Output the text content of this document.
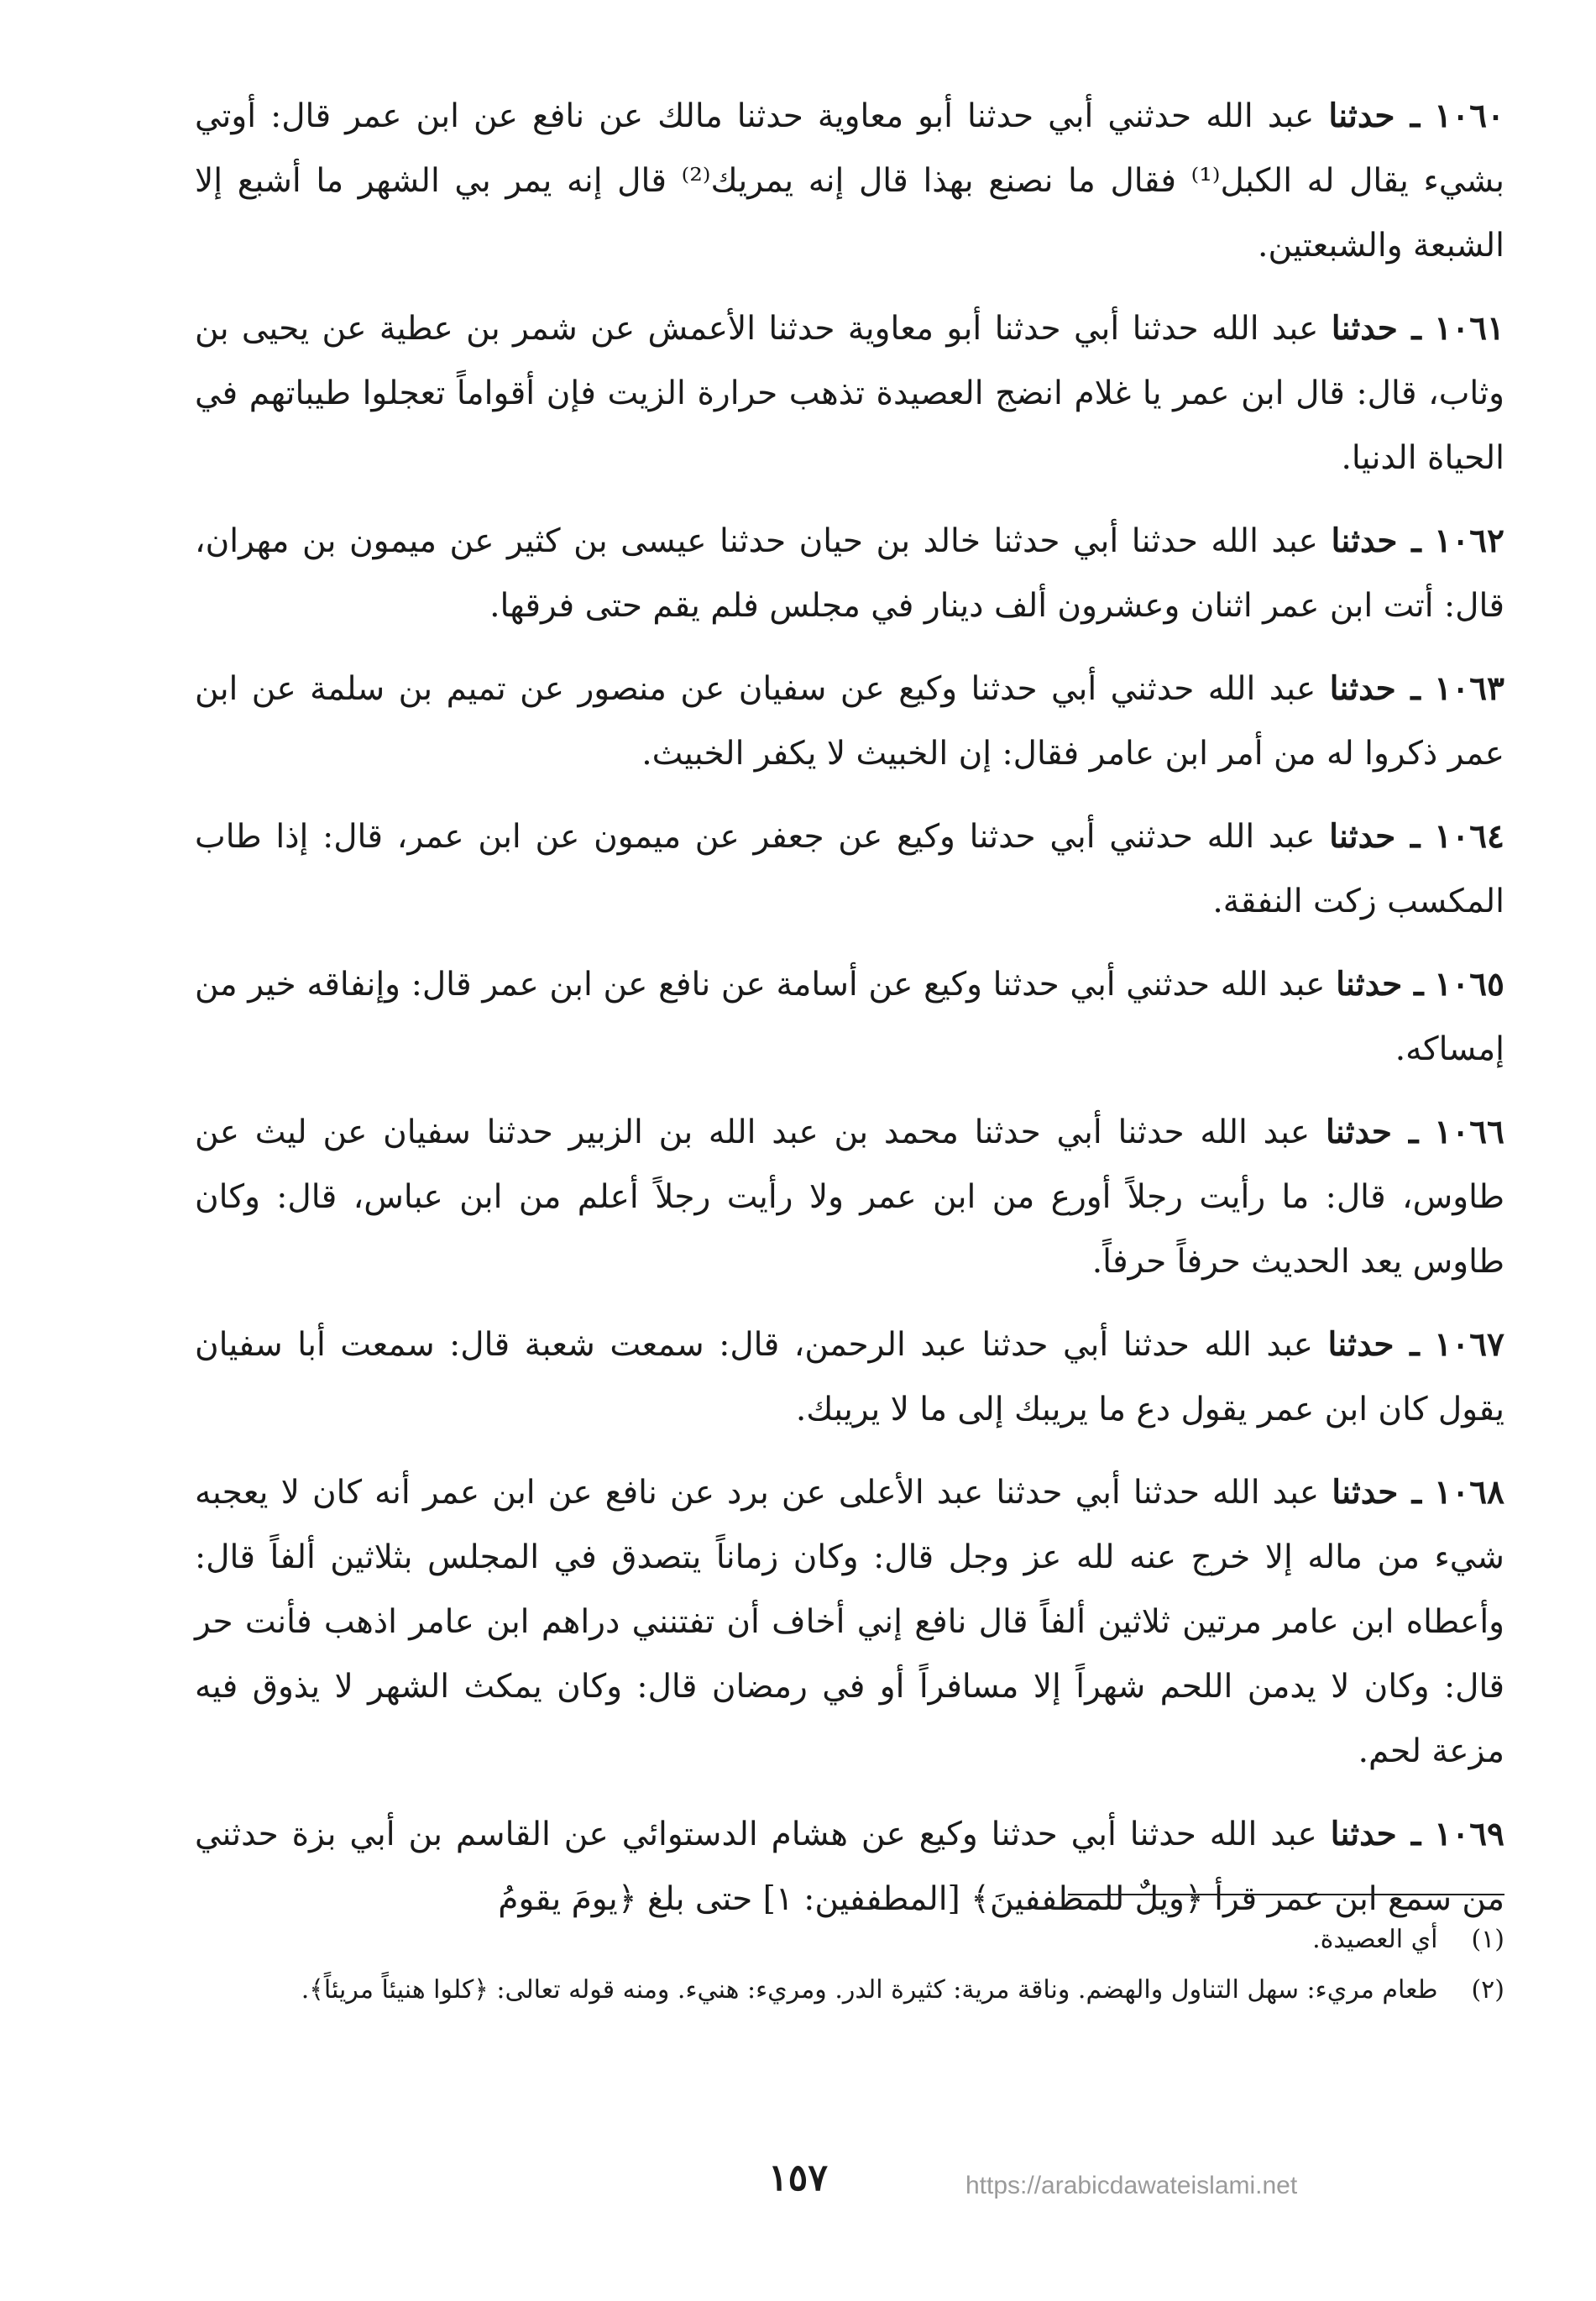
١٠٦٠ ـ حدثنا عبد الله حدثني أبي حدثنا أبو معاوية حدثنا مالك عن نافع عن ابن عمر قال: أوتي بشيء يقال له الكبل⁽¹⁾ فقال ما نصنع بهذا قال إنه يمريك⁽²⁾ قال إنه يمر بي الشهر ما أشبع إلا الشبعة والشبعتين.

١٠٦١ ـ حدثنا عبد الله حدثنا أبي حدثنا أبو معاوية حدثنا الأعمش عن شمر بن عطية عن يحيى بن وثاب، قال: قال ابن عمر يا غلام انضج العصيدة تذهب حرارة الزيت فإن أقواماً تعجلوا طيباتهم في الحياة الدنيا.

١٠٦٢ ـ حدثنا عبد الله حدثنا أبي حدثنا خالد بن حيان حدثنا عيسى بن كثير عن ميمون بن مهران، قال: أتت ابن عمر اثنان وعشرون ألف دينار في مجلس فلم يقم حتى فرقها.

١٠٦٣ ـ حدثنا عبد الله حدثني أبي حدثنا وكيع عن سفيان عن منصور عن تميم بن سلمة عن ابن عمر ذكروا له من أمر ابن عامر فقال: إن الخبيث لا يكفر الخبيث.

١٠٦٤ ـ حدثنا عبد الله حدثني أبي حدثنا وكيع عن جعفر عن ميمون عن ابن عمر، قال: إذا طاب المكسب زكت النفقة.

١٠٦٥ ـ حدثنا عبد الله حدثني أبي حدثنا وكيع عن أسامة عن نافع عن ابن عمر قال: وإنفاقه خير من إمساكه.

١٠٦٦ ـ حدثنا عبد الله حدثنا أبي حدثنا محمد بن عبد الله بن الزبير حدثنا سفيان عن ليث عن طاوس، قال: ما رأيت رجلاً أورع من ابن عمر ولا رأيت رجلاً أعلم من ابن عباس، قال: وكان طاوس يعد الحديث حرفاً حرفاً.

١٠٦٧ ـ حدثنا عبد الله حدثنا أبي حدثنا عبد الرحمن، قال: سمعت شعبة قال: سمعت أبا سفيان يقول كان ابن عمر يقول دع ما يريبك إلى ما لا يريبك.

١٠٦٨ ـ حدثنا عبد الله حدثنا أبي حدثنا عبد الأعلى عن برد عن نافع عن ابن عمر أنه كان لا يعجبه شيء من ماله إلا خرج عنه لله عز وجل قال: وكان زماناً يتصدق في المجلس بثلاثين ألفاً قال: وأعطاه ابن عامر مرتين ثلاثين ألفاً قال نافع إني أخاف أن تفتنني دراهم ابن عامر اذهب فأنت حر قال: وكان لا يدمن اللحم شهراً إلا مسافراً أو في رمضان قال: وكان يمكث الشهر لا يذوق فيه مزعة لحم.

١٠٦٩ ـ حدثنا عبد الله حدثنا أبي حدثنا وكيع عن هشام الدستوائي عن القاسم بن أبي بزة حدثني من سمع ابن عمر قرأ ﴿ويلٌ للمطففينَ﴾ [المطففين: ١] حتى بلغ ﴿يومَ يقومُ

(١) أي العصيدة.

(٢) طعام مريء: سهل التناول والهضم. وناقة مرية: كثيرة الدر. ومريء: هنيء. ومنه قوله تعالى: ﴿كلوا هنيئاً مريئاً﴾.

١٥٧	https://arabicdawateislami.net
